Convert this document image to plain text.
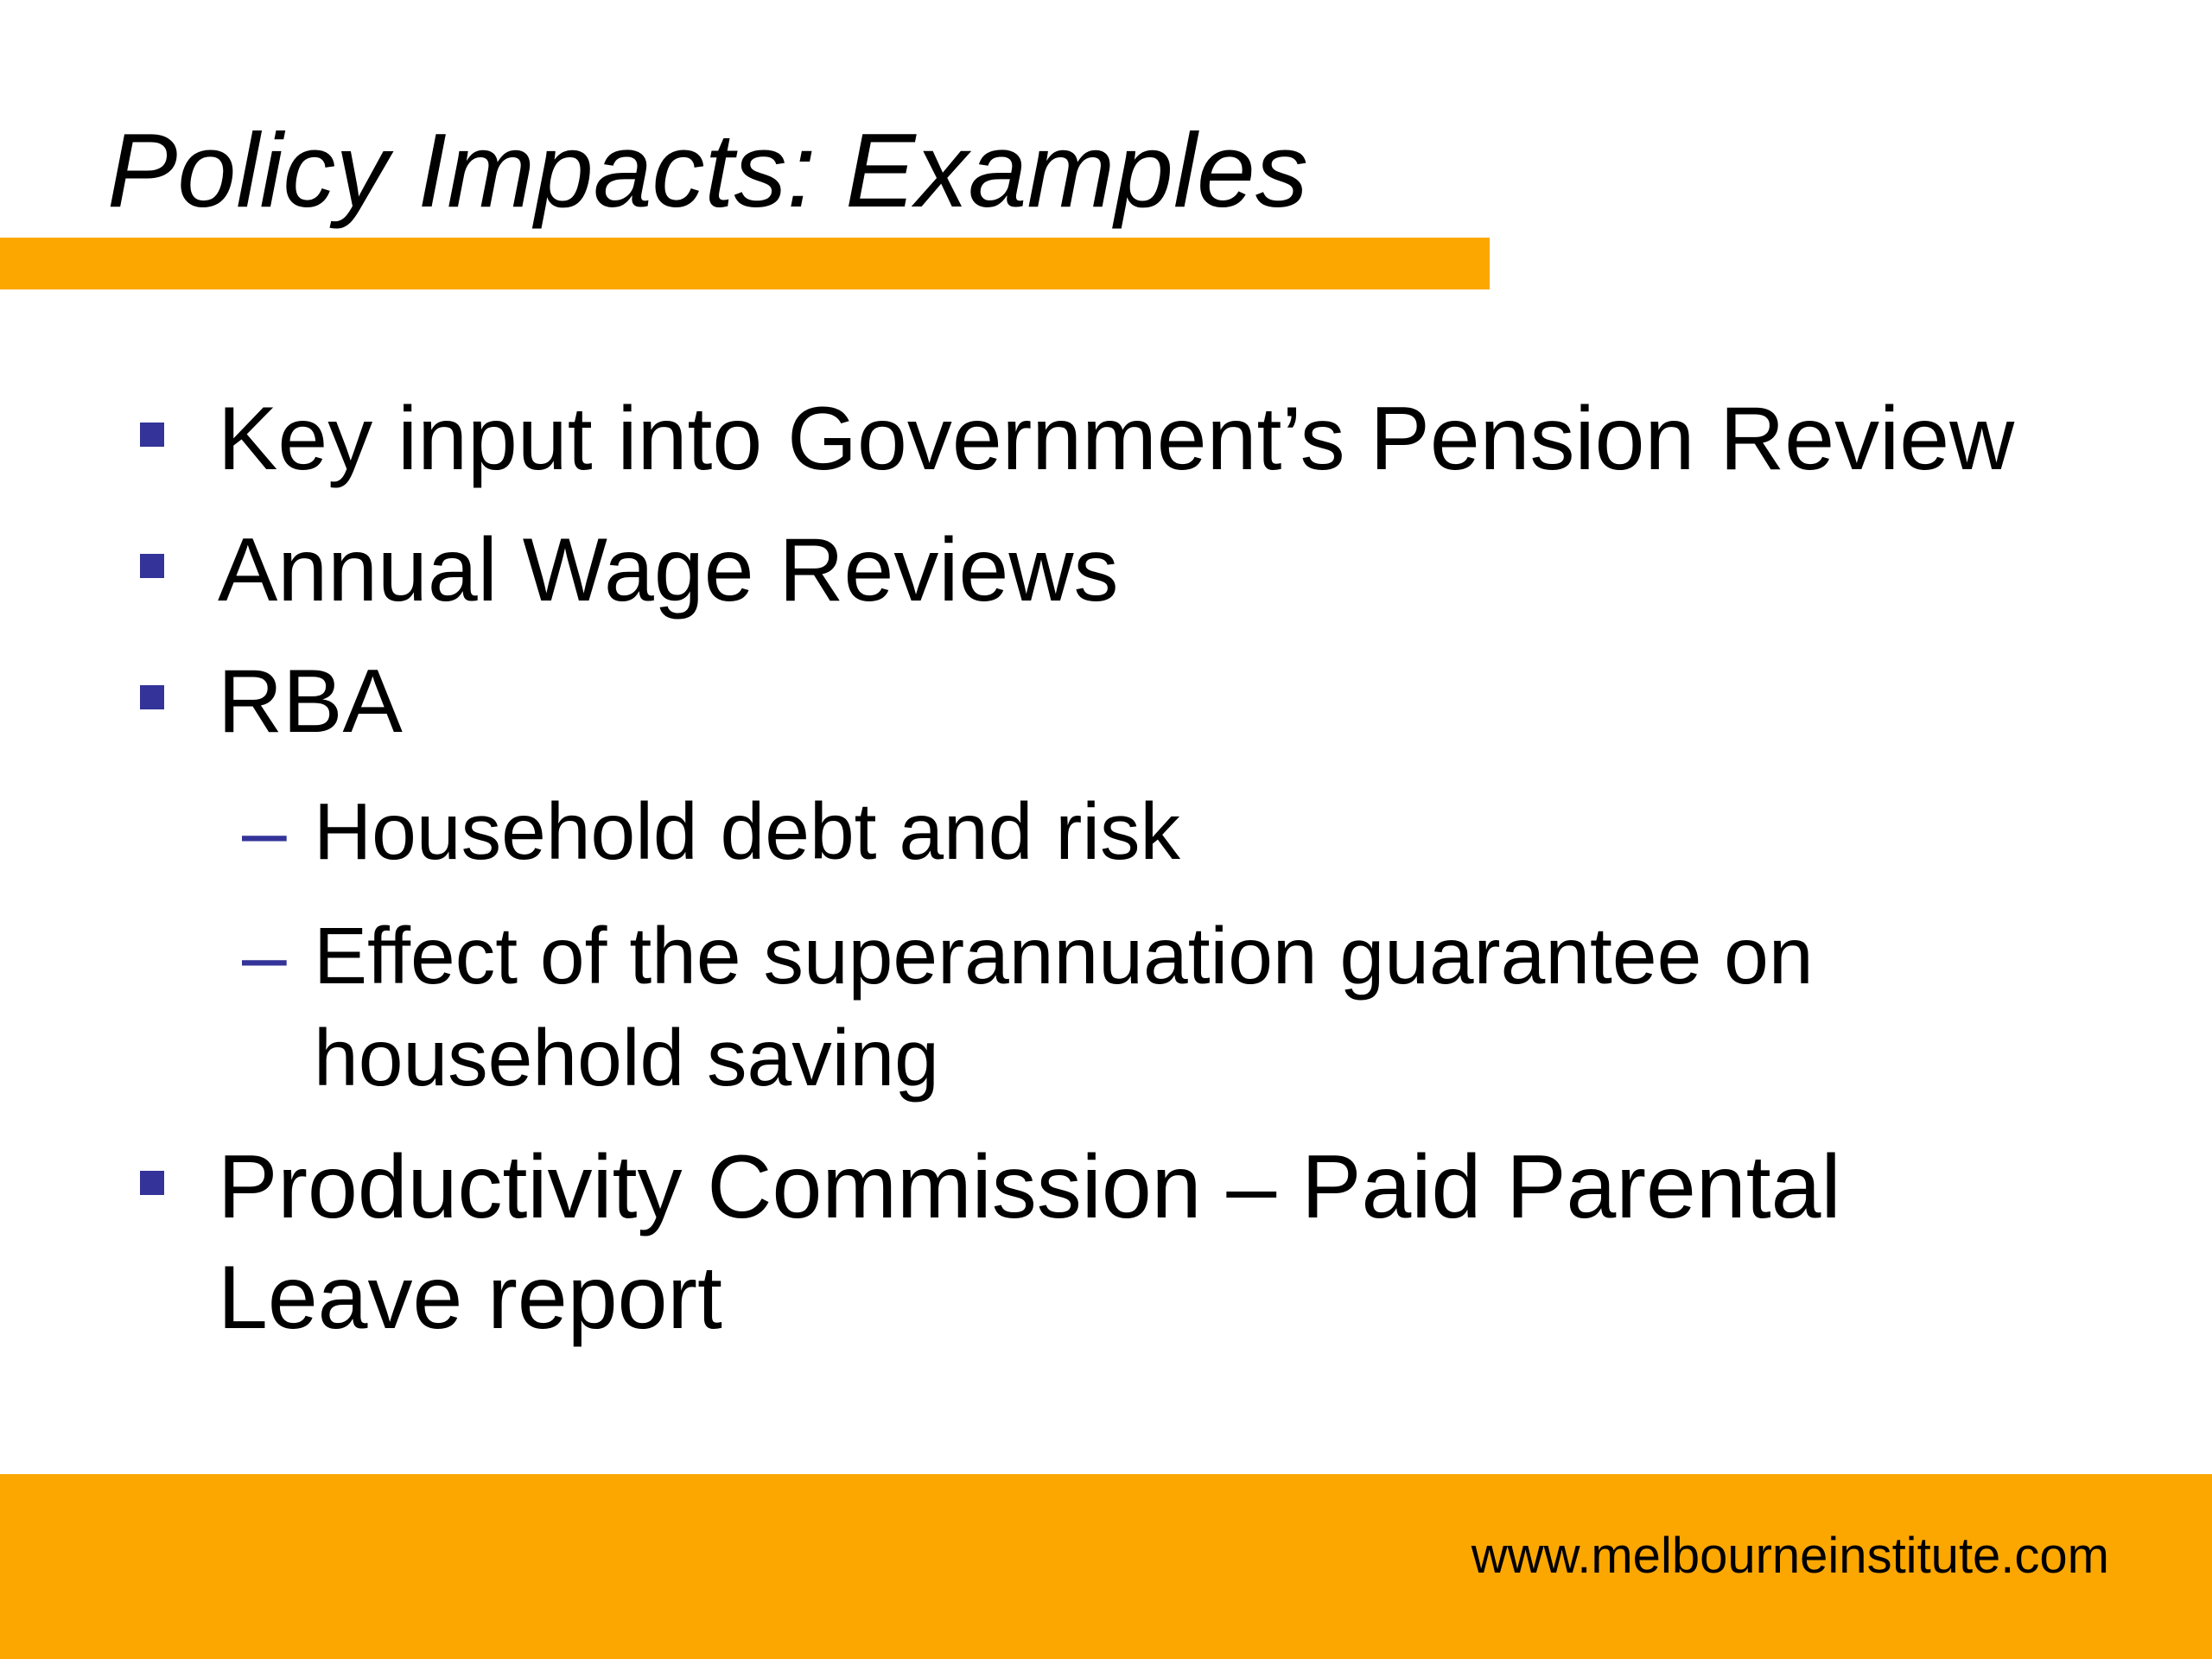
Policy Impacts: Examples
Key input into Government’s Pension Review
Annual Wage Reviews
RBA
– Household debt and risk
– Effect of the superannuation guarantee on
household saving
Productivity Commission – Paid Parental
Leave report
www.melbourneinstitute.com
